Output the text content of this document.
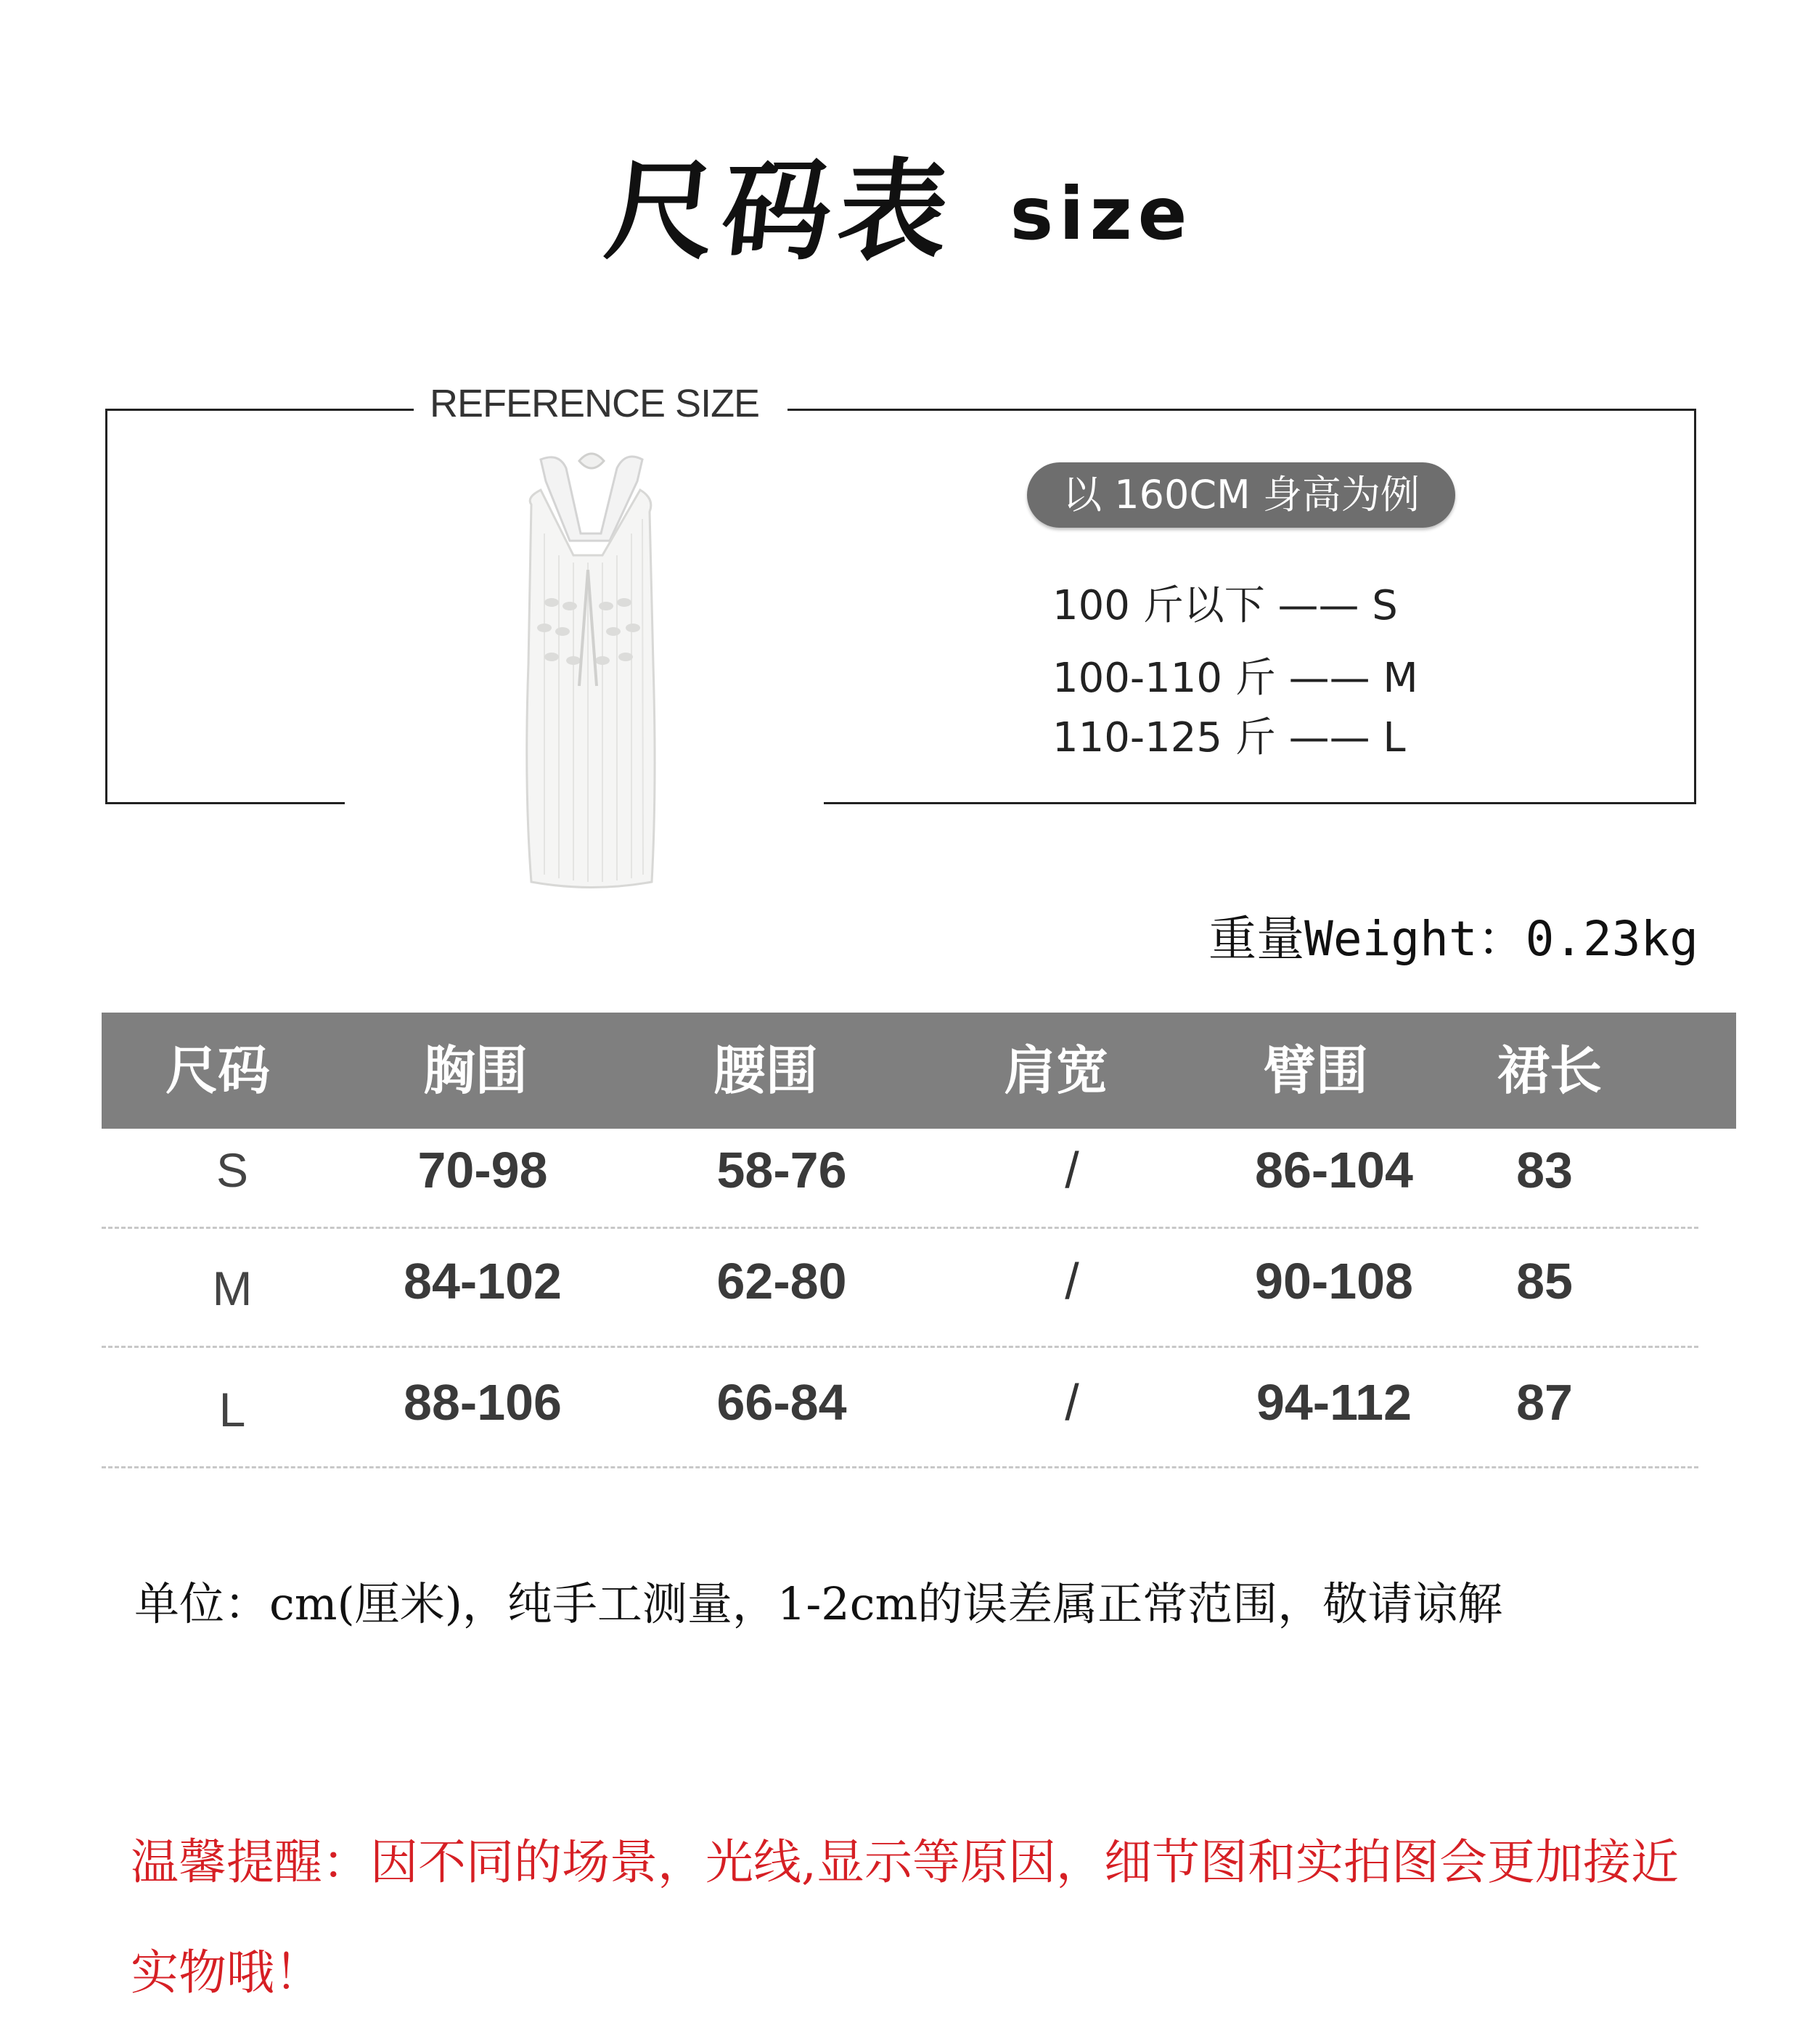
尺码表 size
REFERENCE SIZE
以 160CM 身高为例
100 斤以下 —— S
100-110 斤 —— M
110-125 斤 —— L
重量Weight：0.23kg
尺码	胸围	腰围	肩宽	臂围 裙长
S	70-98	58-76	/	86-104 83
M	84-102	62-80	/	90-108 85
L	88-106	66-84	/	94-112 87
单位：cm(厘米)，纯手工测量，1-2cm的误差属正常范围，敬请谅解
温馨提醒：因不同的场景，光线,显示等原因，细节图和实拍图会更加接近实物哦！
